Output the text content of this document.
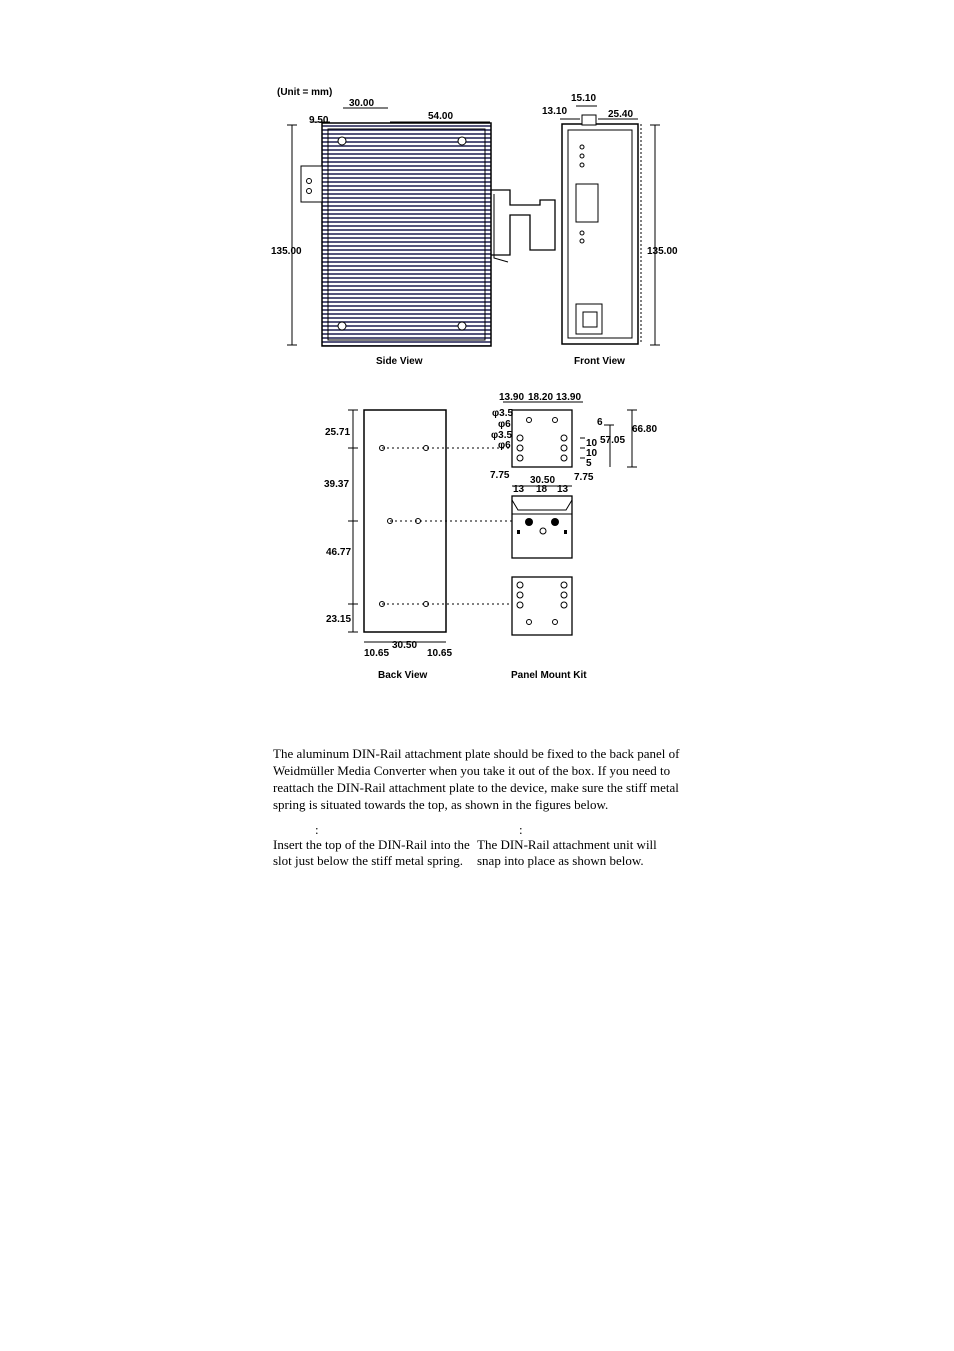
(Unit = mm)
30.00
9.50	54.00
135.00
Side View
15.10
13.10	25.40
135.00
Front View
25.71
39.37
46.77
23.15
10.65
30.50
10.65
Back View
13.90 18.20 13.90
φ3.5
φ6
φ3.5
φ6
6
10
10
5
57.05
66.80
7.75 30.50 7.75
13 18 13
Panel Mount Kit
The aluminum DIN-Rail attachment plate should be fixed to the back panel of Weidmüller Media Converter when you take it out of the box. If you need to reattach the DIN-Rail attachment plate to the device, make sure the stiff metal spring is situated towards the top, as shown in the figures below.
:	:
Insert the top of the DIN-Rail into the slot just below the stiff metal spring.
The DIN-Rail attachment unit will snap into place as shown below.
